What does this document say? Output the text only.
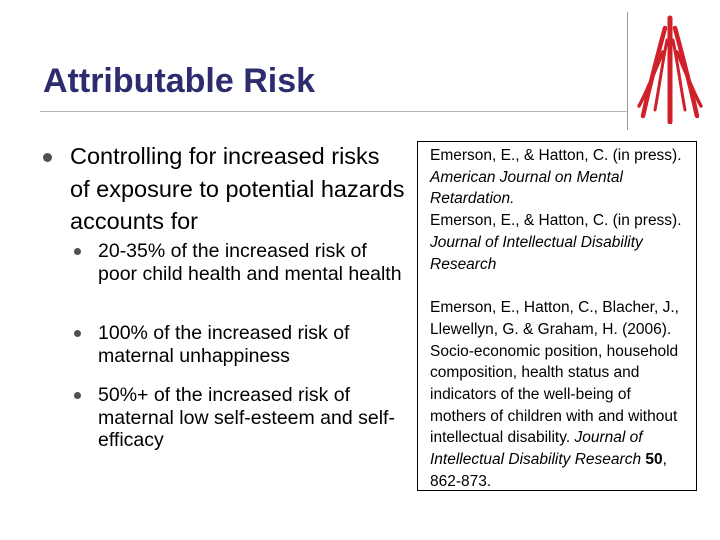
Attributable Risk
Controlling for increased risks of exposure to potential hazards accounts for
20-35% of the increased risk of poor child health and mental health
100% of the increased risk of maternal unhappiness
50%+ of the increased risk of maternal low self-esteem and self-efficacy

Emerson, E., & Hatton, C. (in press). American Journal on Mental Retardation.

Emerson, E., & Hatton, C. (in press). Journal of Intellectual Disability Research

Emerson, E., Hatton, C., Blacher, J., Llewellyn, G. & Graham, H. (2006). Socio-economic position, household composition, health status and indicators of the well-being of mothers of children with and without intellectual disability. Journal of Intellectual Disability Research 50, 862-873.
